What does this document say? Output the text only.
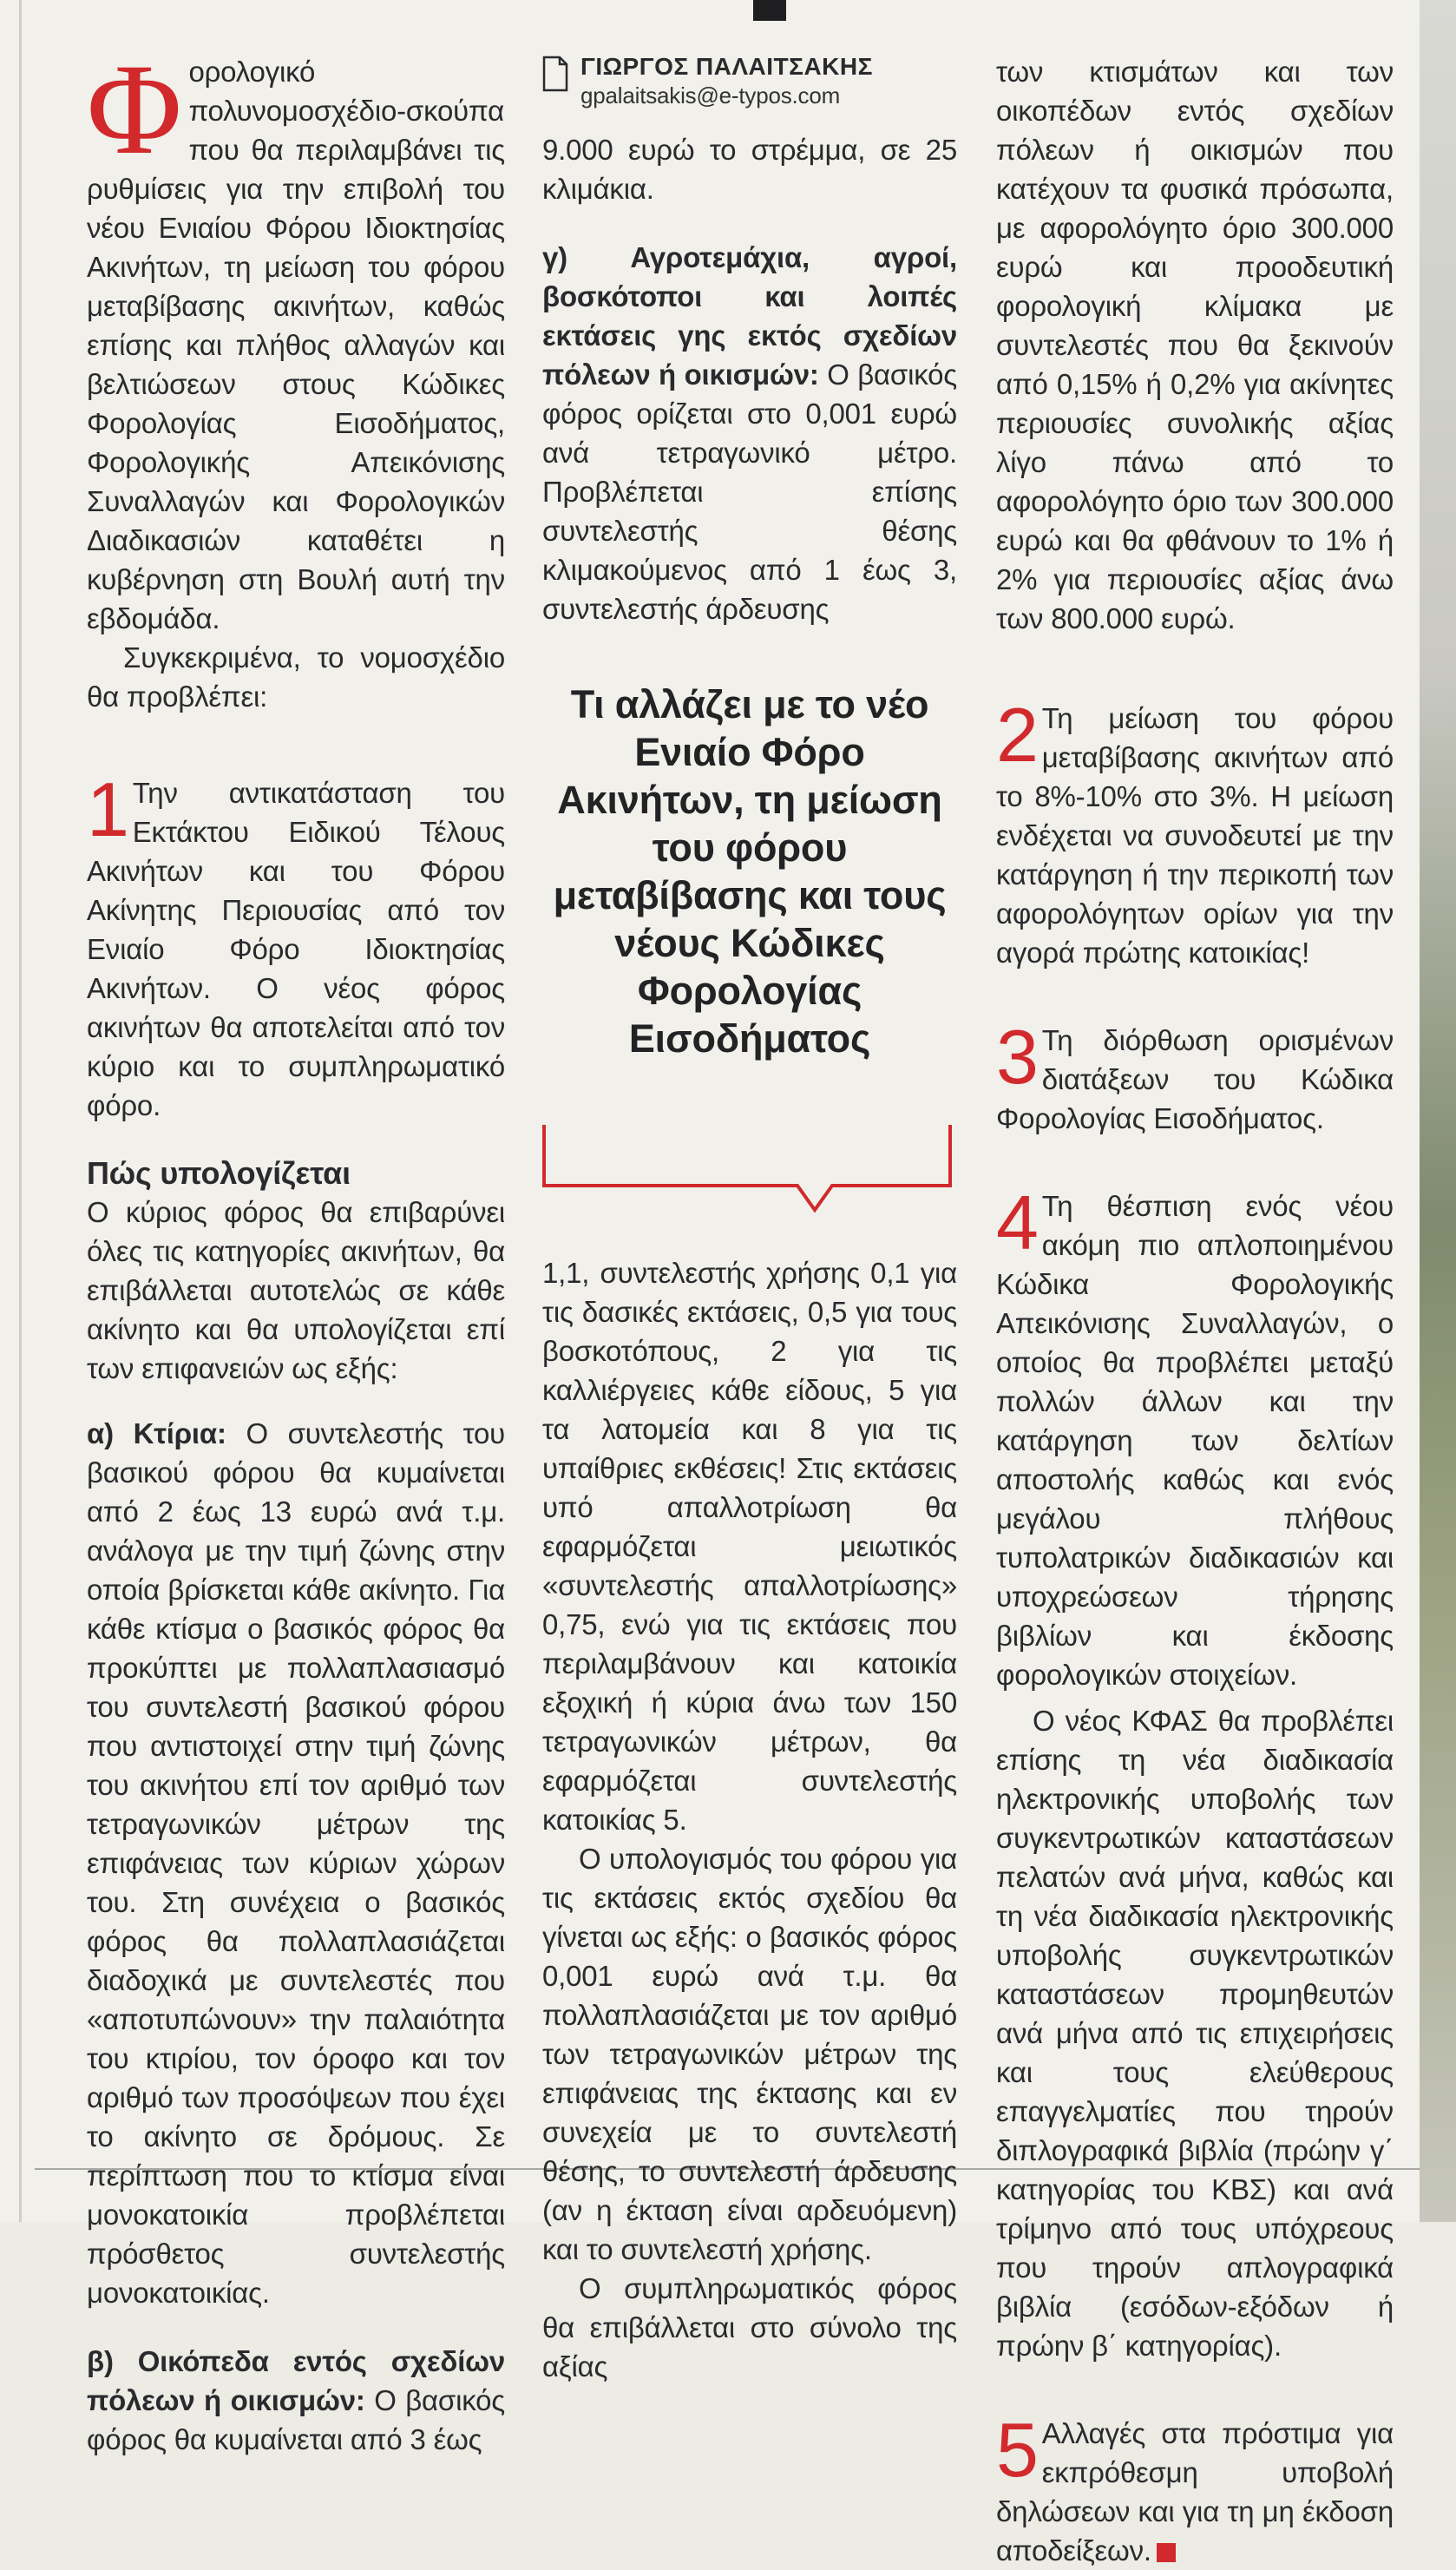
Φορολογικό πολυνομοσχέδιο-σκούπα που θα περιλαμβάνει τις ρυθμίσεις για την επιβολή του νέου Ενιαίου Φόρου Ιδιοκτησίας Ακινήτων, τη μείωση του φόρου μεταβίβασης ακινήτων, καθώς επίσης και πλήθος αλλαγών και βελτιώσεων στους Κώδικες Φορολογίας Εισοδήματος, Φορολογικής Απεικόνισης Συναλλαγών και Φορολογικών Διαδικασιών καταθέτει η κυβέρνηση στη Βουλή αυτή την εβδομάδα.

Συγκεκριμένα, το νομοσχέδιο θα προβλέπει:

1 Την αντικατάσταση του Εκτάκτου Ειδικού Τέλους Ακινήτων και του Φόρου Ακίνητης Περιουσίας από τον Ενιαίο Φόρο Ιδιοκτησίας Ακινήτων. Ο νέος φόρος ακινήτων θα αποτελείται από τον κύριο και το συμπληρωματικό φόρο.

Πώς υπολογίζεται

Ο κύριος φόρος θα επιβαρύνει όλες τις κατηγορίες ακινήτων, θα επιβάλλεται αυτοτελώς σε κάθε ακίνητο και θα υπολογίζεται επί των επιφανειών ως εξής:

α) Κτίρια: Ο συντελεστής του βασικού φόρου θα κυμαίνεται από 2 έως 13 ευρώ ανά τ.μ. ανάλογα με την τιμή ζώνης στην οποία βρίσκεται κάθε ακίνητο. Για κάθε κτίσμα ο βασικός φόρος θα προκύπτει με πολλαπλασιασμό του συντελεστή βασικού φόρου που αντιστοιχεί στην τιμή ζώνης του ακινήτου επί τον αριθμό των τετραγωνικών μέτρων της επιφάνειας των κύριων χώρων του. Στη συνέχεια ο βασικός φόρος θα πολλαπλασιάζεται διαδοχικά με συντελεστές που «αποτυπώνουν» την παλαιότητα του κτιρίου, τον όροφο και τον αριθμό των προσόψεων που έχει το ακίνητο σε δρόμους. Σε περίπτωση που το κτίσμα είναι μονοκατοικία προβλέπεται πρόσθετος συντελεστής μονοκατοικίας.

β) Οικόπεδα εντός σχεδίων πόλεων ή οικισμών: Ο βασικός φόρος θα κυμαίνεται από 3 έως

ΓΙΩΡΓΟΣ ΠΑΛΑΙΤΣΑΚΗΣ
gpalaitsakis@e-typos.com

9.000 ευρώ το στρέμμα, σε 25 κλιμάκια.

γ) Αγροτεμάχια, αγροί, βοσκότοποι και λοιπές εκτάσεις γης εκτός σχεδίων πόλεων ή οικισμών: Ο βασικός φόρος ορίζεται στο 0,001 ευρώ ανά τετραγωνικό μέτρο. Προβλέπεται επίσης συντελεστής θέσης κλιμακούμενος από 1 έως 3, συντελεστής άρδευσης

Τι αλλάζει με το νέο Ενιαίο Φόρο Ακινήτων, τη μείωση του φόρου μεταβίβασης και τους νέους Κώδικες Φορολογίας Εισοδήματος

1,1, συντελεστής χρήσης 0,1 για τις δασικές εκτάσεις, 0,5 για τους βοσκοτόπους, 2 για τις καλλιέργειες κάθε είδους, 5 για τα λατομεία και 8 για τις υπαίθριες εκθέσεις! Στις εκτάσεις υπό απαλλοτρίωση θα εφαρμόζεται μειωτικός «συντελεστής απαλλοτρίωσης» 0,75, ενώ για τις εκτάσεις που περιλαμβάνουν και κατοικία εξοχική ή κύρια άνω των 150 τετραγωνικών μέτρων, θα εφαρμόζεται συντελεστής κατοικίας 5.

Ο υπολογισμός του φόρου για τις εκτάσεις εκτός σχεδίου θα γίνεται ως εξής: ο βασικός φόρος 0,001 ευρώ ανά τ.μ. θα πολλαπλασιάζεται με τον αριθμό των τετραγωνικών μέτρων της επιφάνειας της έκτασης και εν συνεχεία με το συντελεστή θέσης, το συντελεστή άρδευσης (αν η έκταση είναι αρδευόμενη) και το συντελεστή χρήσης.

Ο συμπληρωματικός φόρος θα επιβάλλεται στο σύνολο της αξίας

των κτισμάτων και των οικοπέδων εντός σχεδίων πόλεων ή οικισμών που κατέχουν τα φυσικά πρόσωπα, με αφορολόγητο όριο 300.000 ευρώ και προοδευτική φορολογική κλίμακα με συντελεστές που θα ξεκινούν από 0,15% ή 0,2% για ακίνητες περιουσίες συνολικής αξίας λίγο πάνω από το αφορολόγητο όριο των 300.000 ευρώ και θα φθάνουν το 1% ή 2% για περιουσίες αξίας άνω των 800.000 ευρώ.

2 Τη μείωση του φόρου μεταβίβασης ακινήτων από το 8%-10% στο 3%. Η μείωση ενδέχεται να συνοδευτεί με την κατάργηση ή την περικοπή των αφορολόγητων ορίων για την αγορά πρώτης κατοικίας!

3 Τη διόρθωση ορισμένων διατάξεων του Κώδικα Φορολογίας Εισοδήματος.

4 Τη θέσπιση ενός νέου ακόμη πιο απλοποιημένου Κώδικα Φορολογικής Απεικόνισης Συναλλαγών, ο οποίος θα προβλέπει μεταξύ πολλών άλλων και την κατάργηση των δελτίων αποστολής καθώς και ενός μεγάλου πλήθους τυπολατρικών διαδικασιών και υποχρεώσεων τήρησης βιβλίων και έκδοσης φορολογικών στοιχείων.

Ο νέος ΚΦΑΣ θα προβλέπει επίσης τη νέα διαδικασία ηλεκτρονικής υποβολής των συγκεντρωτικών καταστάσεων πελατών ανά μήνα, καθώς και τη νέα διαδικασία ηλεκτρονικής υποβολής συγκεντρωτικών καταστάσεων προμηθευτών ανά μήνα από τις επιχειρήσεις και τους ελεύθερους επαγγελματίες που τηρούν διπλογραφικά βιβλία (πρώην γ΄ κατηγορίας του ΚΒΣ) και ανά τρίμηνο από τους υπόχρεους που τηρούν απλογραφικά βιβλία (εσόδων-εξόδων ή πρώην β΄ κατηγορίας).

5 Αλλαγές στα πρόστιμα για εκπρόθεσμη υποβολή δηλώσεων και για τη μη έκδοση αποδείξεων.
